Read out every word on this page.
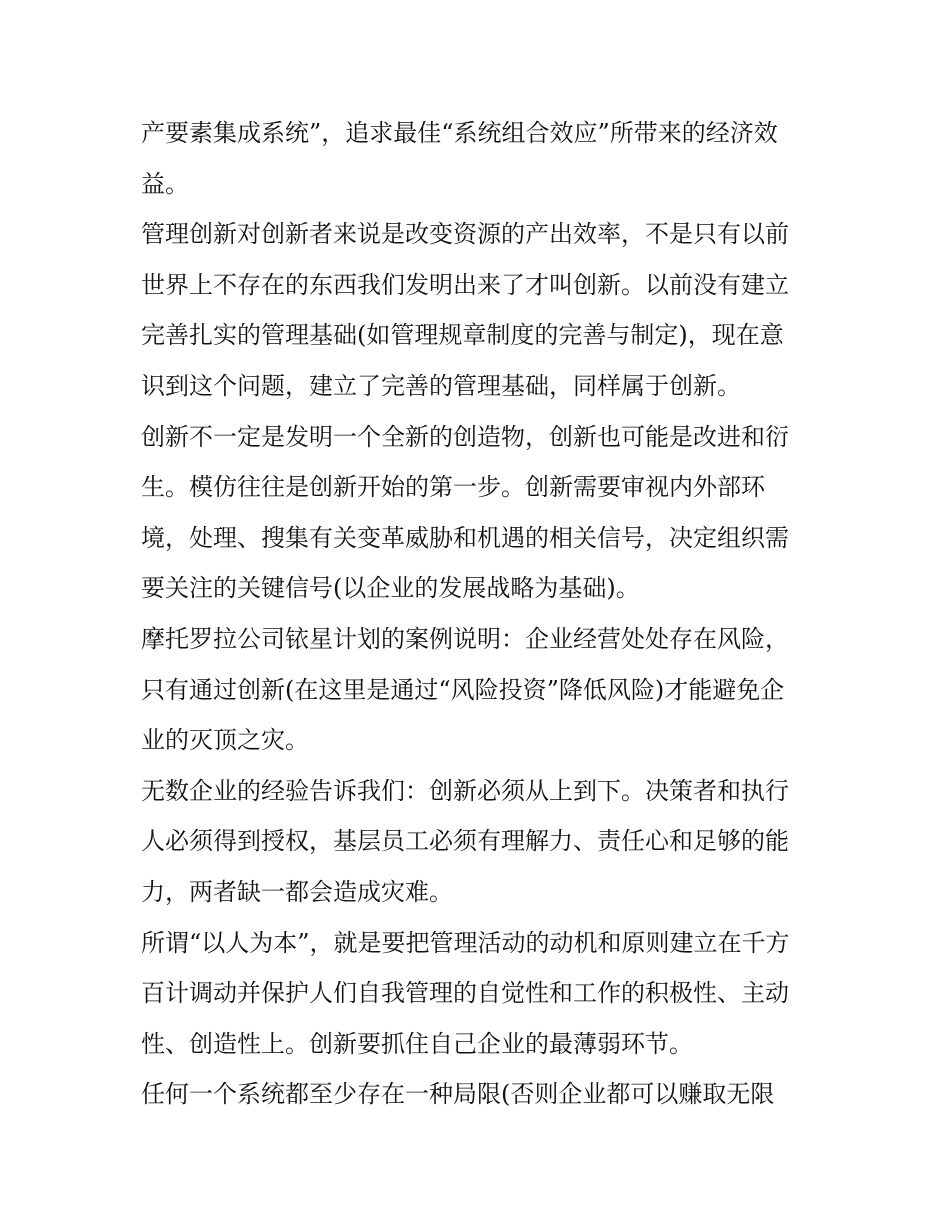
产要素集成系统”，追求最佳“系统组合效应”所带来的经济效
益。
管理创新对创新者来说是改变资源的产出效率，不是只有以前
世界上不存在的东西我们发明出来了才叫创新。以前没有建立
完善扎实的管理基础(如管理规章制度的完善与制定)，现在意
识到这个问题，建立了完善的管理基础，同样属于创新。
创新不一定是发明一个全新的创造物，创新也可能是改进和衍
生。模仿往往是创新开始的第一步。创新需要审视内外部环
境，处理、搜集有关变革威胁和机遇的相关信号，决定组织需
要关注的关键信号(以企业的发展战略为基础)。
摩托罗拉公司铱星计划的案例说明：企业经营处处存在风险，
只有通过创新(在这里是通过“风险投资”降低风险)才能避免企
业的灭顶之灾。
无数企业的经验告诉我们：创新必须从上到下。决策者和执行
人必须得到授权，基层员工必须有理解力、责任心和足够的能
力，两者缺一都会造成灾难。
所谓“以人为本”，就是要把管理活动的动机和原则建立在千方
百计调动并保护人们自我管理的自觉性和工作的积极性、主动
性、创造性上。创新要抓住自己企业的最薄弱环节。
任何一个系统都至少存在一种局限(否则企业都可以赚取无限
